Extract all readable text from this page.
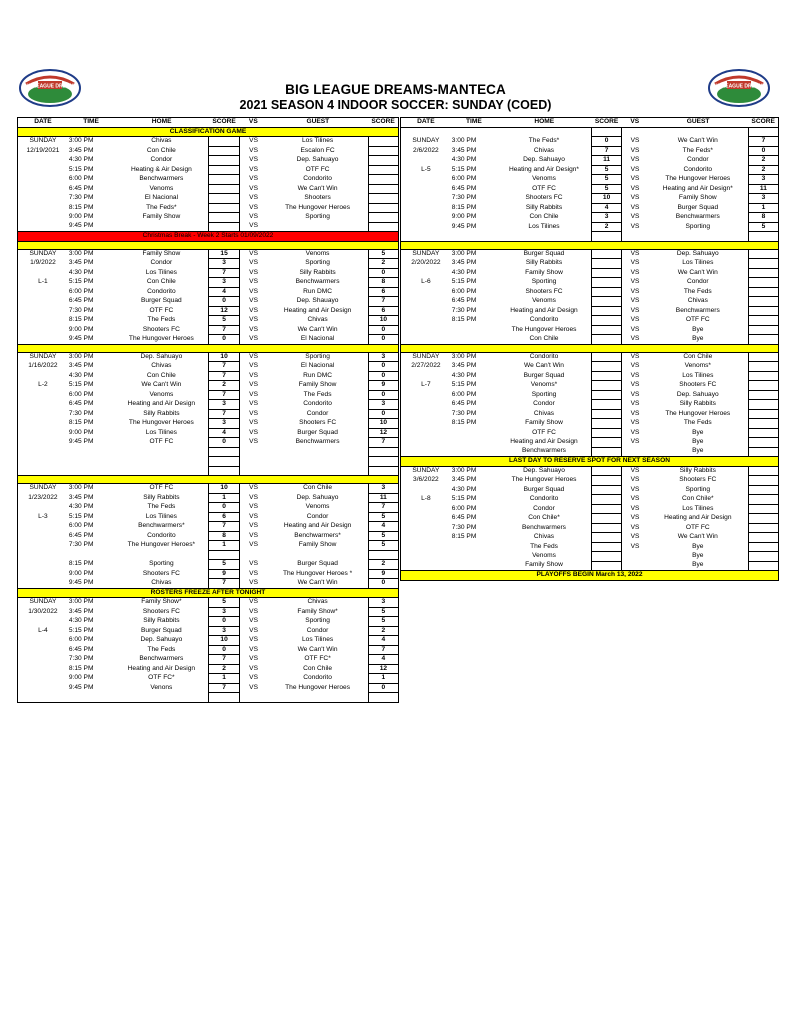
BIG LEAGUE DREAMS	BIG LEAGUE DREAMS
BIG LEAGUE DREAMS-MANTECA
2021 SEASON 4 INDOOR SOCCER: SUNDAY (COED)
DATE	TIME	HOME	SCORE	VS	GUEST	SCORE
CLASSIFICATION GAME						
SUNDAY	3:00 PM	Chivas		VS	Los Tilines	
12/19/2021	3:45 PM	Con Chile		VS	Escalon FC	
	4:30 PM	Condor		VS	Dep. Sahuayo	
	5:15 PM	Heating & Air Design		VS	OTF FC	
	6:00 PM	Benchwarmers		VS	Condorito	
	6:45 PM	Venoms		VS	We Can't Win	
	7:30 PM	El Nacional		VS	Shooters	
	8:15 PM	The Feds*		VS	The Hungover Heroes	
	9:00 PM	Family Show		VS	Sporting	
	9:45 PM			VS		
Christmas Break - Week 2 Starts 01/09/2022						

SUNDAY	3:00 PM	Family Show	15	VS	Venoms	5
1/9/2022	3:45 PM	Condor	3	VS	Sporting	2
	4:30 PM	Los Tilines	7	VS	Silly Rabbits	0
L-1	5:15 PM	Con Chile	3	VS	Benchwarmers	8
	6:00 PM	Condorito	4	VS	Run DMC	6
	6:45 PM	Burger Squad	0	VS	Dep. Shauayo	7
	7:30 PM	OTF FC	12	VS	Heating and Air Design	6
	8:15 PM	The Feds	5	VS	Chivas	10
	9:00 PM	Shooters FC	7	VS	We Can't Win	0
	9:45 PM	The Hungover Heroes	0	VS	El Nacional	0

SUNDAY	3:00 PM	Dep. Sahuayo	10	VS	Sporting	3
1/16/2022	3:45 PM	Chivas	7	VS	El Nacional	0
	4:30 PM	Con Chile	7	VS	Run DMC	0
L-2	5:15 PM	We Can't Win	2	VS	Family Show	9
	6:00 PM	Venoms	7	VS	The Feds	0
	6:45 PM	Heating and Air Design	3	VS	Condorito	3
	7:30 PM	Silly Rabbits	7	VS	Condor	0
	8:15 PM	The Hungover Heroes	3	VS	Shooters FC	10
	9:00 PM	Los Tilines	4	VS	Burger Squad	12
	9:45 PM	OTF FC	0	VS	Benchwarmers	7

SUNDAY	3:00 PM	OTF FC	10	VS	Con Chile	3
1/23/2022	3:45 PM	Silly Rabbits	1	VS	Dep. Sahuayo	11
	4:30 PM	The Feds	0	VS	Venoms	7
L-3	5:15 PM	Los Tilines	6	VS	Condor	5
	6:00 PM	Benchwarmers*	7	VS	Heating and Air Design	4
	6:45 PM	Condorito	8	VS	Benchwarmers*	5
	7:30 PM	The Hungover Heroes*	1	VS	Family Show	5

	8:15 PM	Sporting	5	VS	Burger Squad	2
	9:00 PM	Shooters FC	9	VS	The Hungover Heroes *	9
	9:45 PM	Chivas	7	VS	We Can't Win	0
ROSTERS FREEZE AFTER TONIGHT						
SUNDAY	3:00 PM	Family Show*	5	VS	Chivas	3
1/30/2022	3:45 PM	Shooters FC	3	VS	Family Show*	5
	4:30 PM	Silly Rabbits	0	VS	Sporting	5
L-4	5:15 PM	Burger Squad	3	VS	Condor	2
	6:00 PM	Dep. Sahuayo	10	VS	Los Tilines	4
	6:45 PM	The Feds	0	VS	We Can't Win	7
	7:30 PM	Benchwarmers	7	VS	OTF FC*	4
	8:15 PM	Heating and Air Design	2	VS	Con Chile	12
	9:00 PM	OTF FC*	1	VS	Condorito	1
	9:45 PM	Venons	7	VS	The Hungover Heroes	0

DATE	TIME	HOME	SCORE	VS	GUEST	SCORE

SUNDAY	3:00 PM	The Feds*	0	VS	We Can't Win	7
2/6/2022	3:45 PM	Chivas	7	VS	The Feds*	0
	4:30 PM	Dep. Sahuayo	11	VS	Condor	2
L-5	5:15 PM	Heating and Air Design*	5	VS	Condorito	2
	6:00 PM	Venoms	5	VS	The Hungover Heroes	3
	6:45 PM	OTF FC	5	VS	Heating and Air Design*	11
	7:30 PM	Shooters FC	10	VS	Family Show	3
	8:15 PM	Silly Rabbits	4	VS	Burger Squad	1
	9:00 PM	Con Chile	3	VS	Benchwarmers	8
	9:45 PM	Los Tilines	2	VS	Sporting	5

SUNDAY	3:00 PM	Burger Squad		VS	Dep. Sahuayo	
2/20/2022	3:45 PM	Silly Rabbits		VS	Los Tilines	
	4:30 PM	Family Show		VS	We Can't Win	
L-6	5:15 PM	Sporting		VS	Condor	
	6:00 PM	Shooters FC		VS	The Feds	
	6:45 PM	Venoms		VS	Chivas	
	7:30 PM	Heating and Air Design		VS	Benchwarmers	
	8:15 PM	Condorito		VS	OTF FC	
		The Hungover Heroes		VS	Bye	
		Con Chile		VS	Bye	

SUNDAY	3:00 PM	Condorito		VS	Con Chile	
2/27/2022	3:45 PM	We Can't Win		VS	Venoms*	
	4:30 PM	Burger Squad		VS	Los Tilines	
L-7	5:15 PM	Venoms*		VS	Shooters FC	
	6:00 PM	Sporting		VS	Dep. Sahuayo	
	6:45 PM	Condor		VS	Silly Rabbits	
	7:30 PM	Chivas		VS	The Hungover Heroes	
	8:15 PM	Family Show		VS	The Feds	
		OTF FC		VS	Bye	
		Heating and Air Design		VS	Bye	
		Benchwarmers			Bye	
LAST DAY TO RESERVE SPOT FOR NEXT SEASON						
SUNDAY	3:00 PM	Dep. Sahuayo		VS	Silly Rabbits	
3/6/2022	3:45 PM	The Hungover Heroes		VS	Shooters FC	
	4:30 PM	Burger Squad		VS	Sporting	
L-8	5:15 PM	Condorito		VS	Con Chile*	
	6:00 PM	Condor		VS	Los Tilines	
	6:45 PM	Con Chile*		VS	Heating and Air Design	
	7:30 PM	Benchwarmers		VS	OTF FC	
	8:15 PM	Chivas		VS	We Can't Win	
		The Feds		VS	Bye	
		Venoms			Bye	
		Family Show			Bye	
PLAYOFFS BEGIN March 13, 2022						
